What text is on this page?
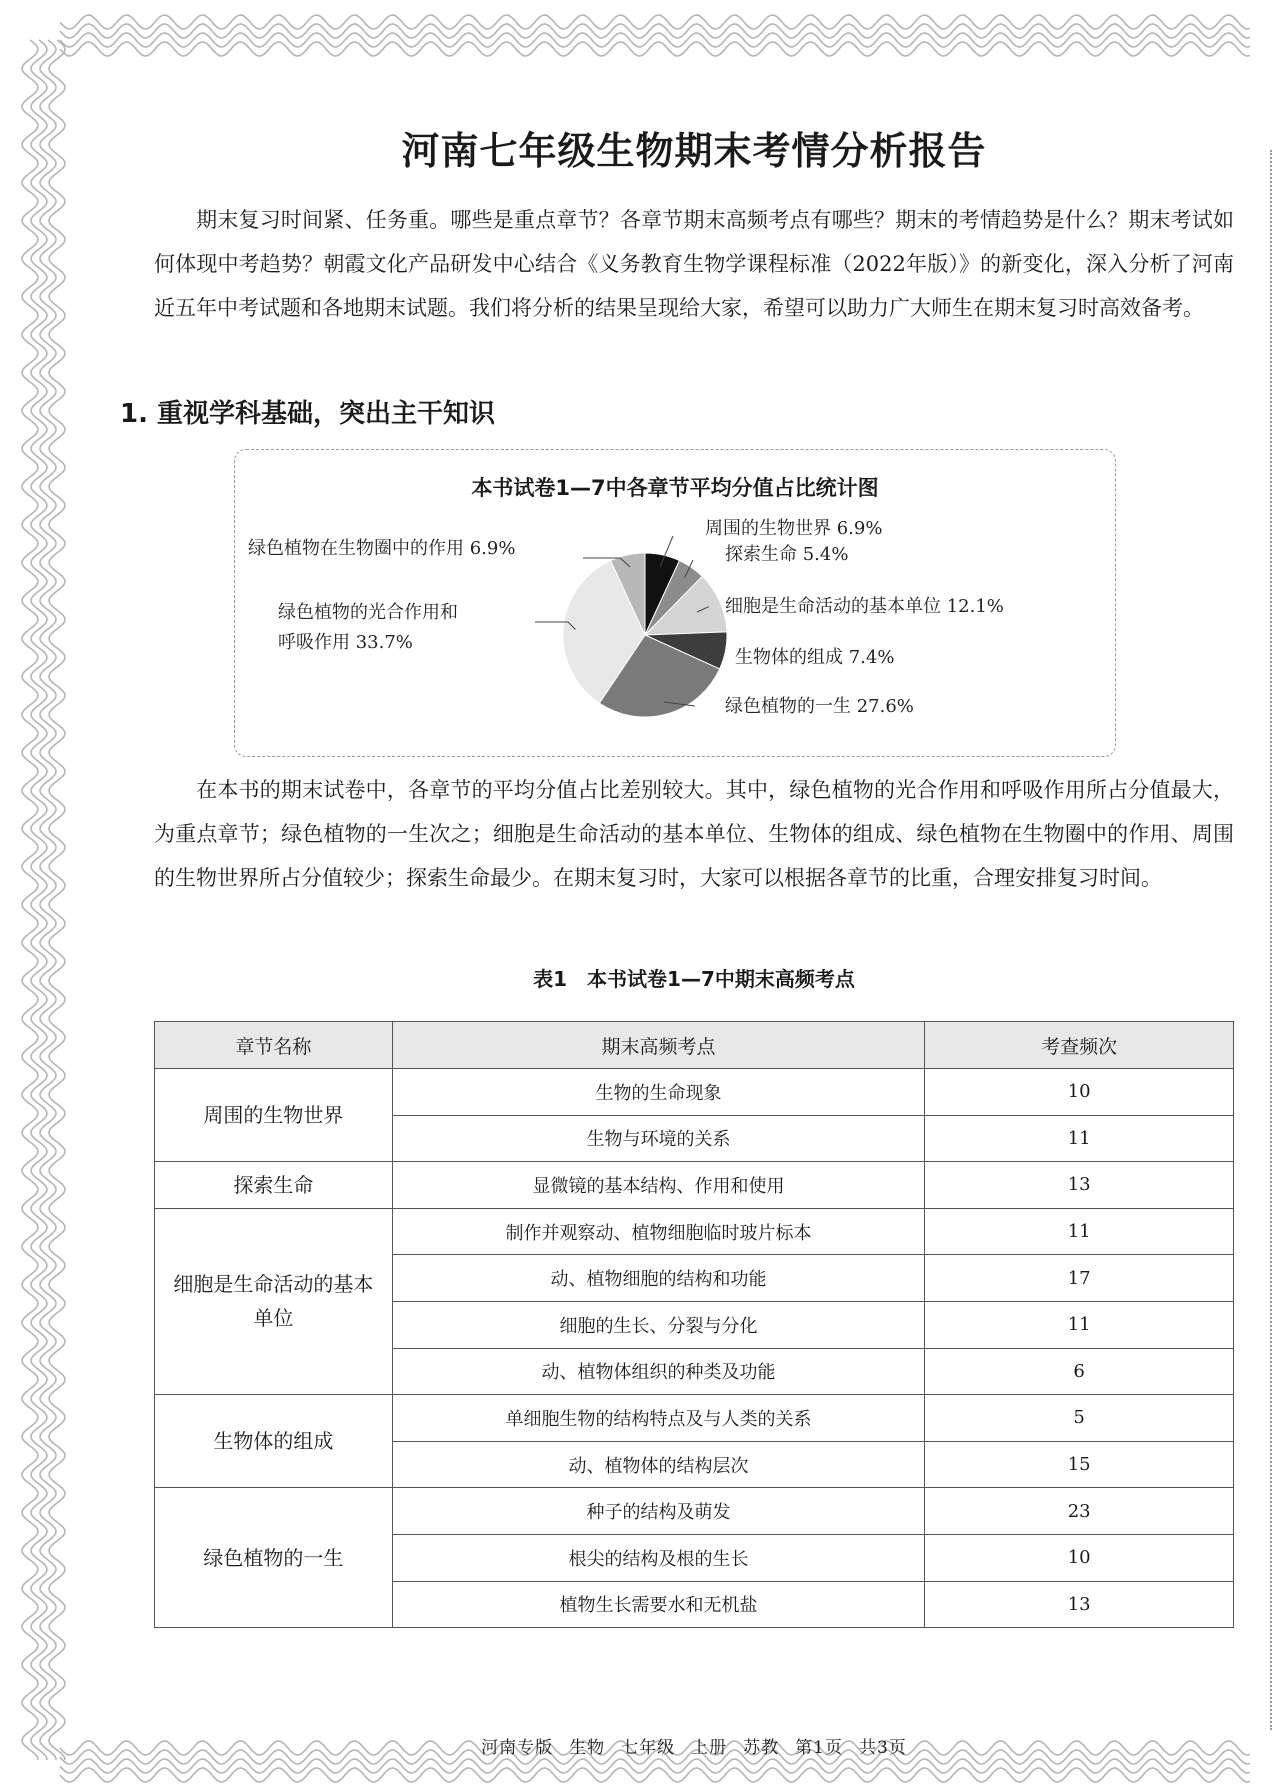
河南七年级生物期末考情分析报告

期末复习时间紧、任务重。哪些是重点章节？各章节期末高频考点有哪些？期末的考情趋势是什么？期末考试如何体现中考趋势？朝霞文化产品研发中心结合《义务教育生物学课程标准（2022年版）》的新变化，深入分析了河南近五年中考试题和各地期末试题。我们将分析的结果呈现给大家，希望可以助力广大师生在期末复习时高效备考。

1. 重视学科基础，突出主干知识
本书试卷1—7中各章节平均分值占比统计图
周围的生物世界 6.9%
探索生命 5.4%
细胞是生命活动的基本单位 12.1%
生物体的组成 7.4%
绿色植物的一生 27.6%
绿色植物的光合作用和
呼吸作用 33.7%
绿色植物在生物圈中的作用 6.9%

在本书的期末试卷中，各章节的平均分值占比差别较大。其中，绿色植物的光合作用和呼吸作用所占分值最大，为重点章节；绿色植物的一生次之；细胞是生命活动的基本单位、生物体的组成、绿色植物在生物圈中的作用、周围的生物世界所占分值较少；探索生命最少。在期末复习时，大家可以根据各章节的比重，合理安排复习时间。

表1　本书试卷1—7中期末高频考点
章节名称	期末高频考点	考查频次
周围的生物世界	生物的生命现象	10
	生物与环境的关系	11
探索生命	显微镜的基本结构、作用和使用	13
细胞是生命活动的基本单位	制作并观察动、植物细胞临时玻片标本	11
	动、植物细胞的结构和功能	17
	细胞的生长、分裂与分化	11
	动、植物体组织的种类及功能	6
生物体的组成	单细胞生物的结构特点及与人类的关系	5
	动、植物体的结构层次	15
绿色植物的一生	种子的结构及萌发	23
	根尖的结构及根的生长	10
	植物生长需要水和无机盐	13
河南专版 生物 七年级 上册 苏教 第1页 共3页
